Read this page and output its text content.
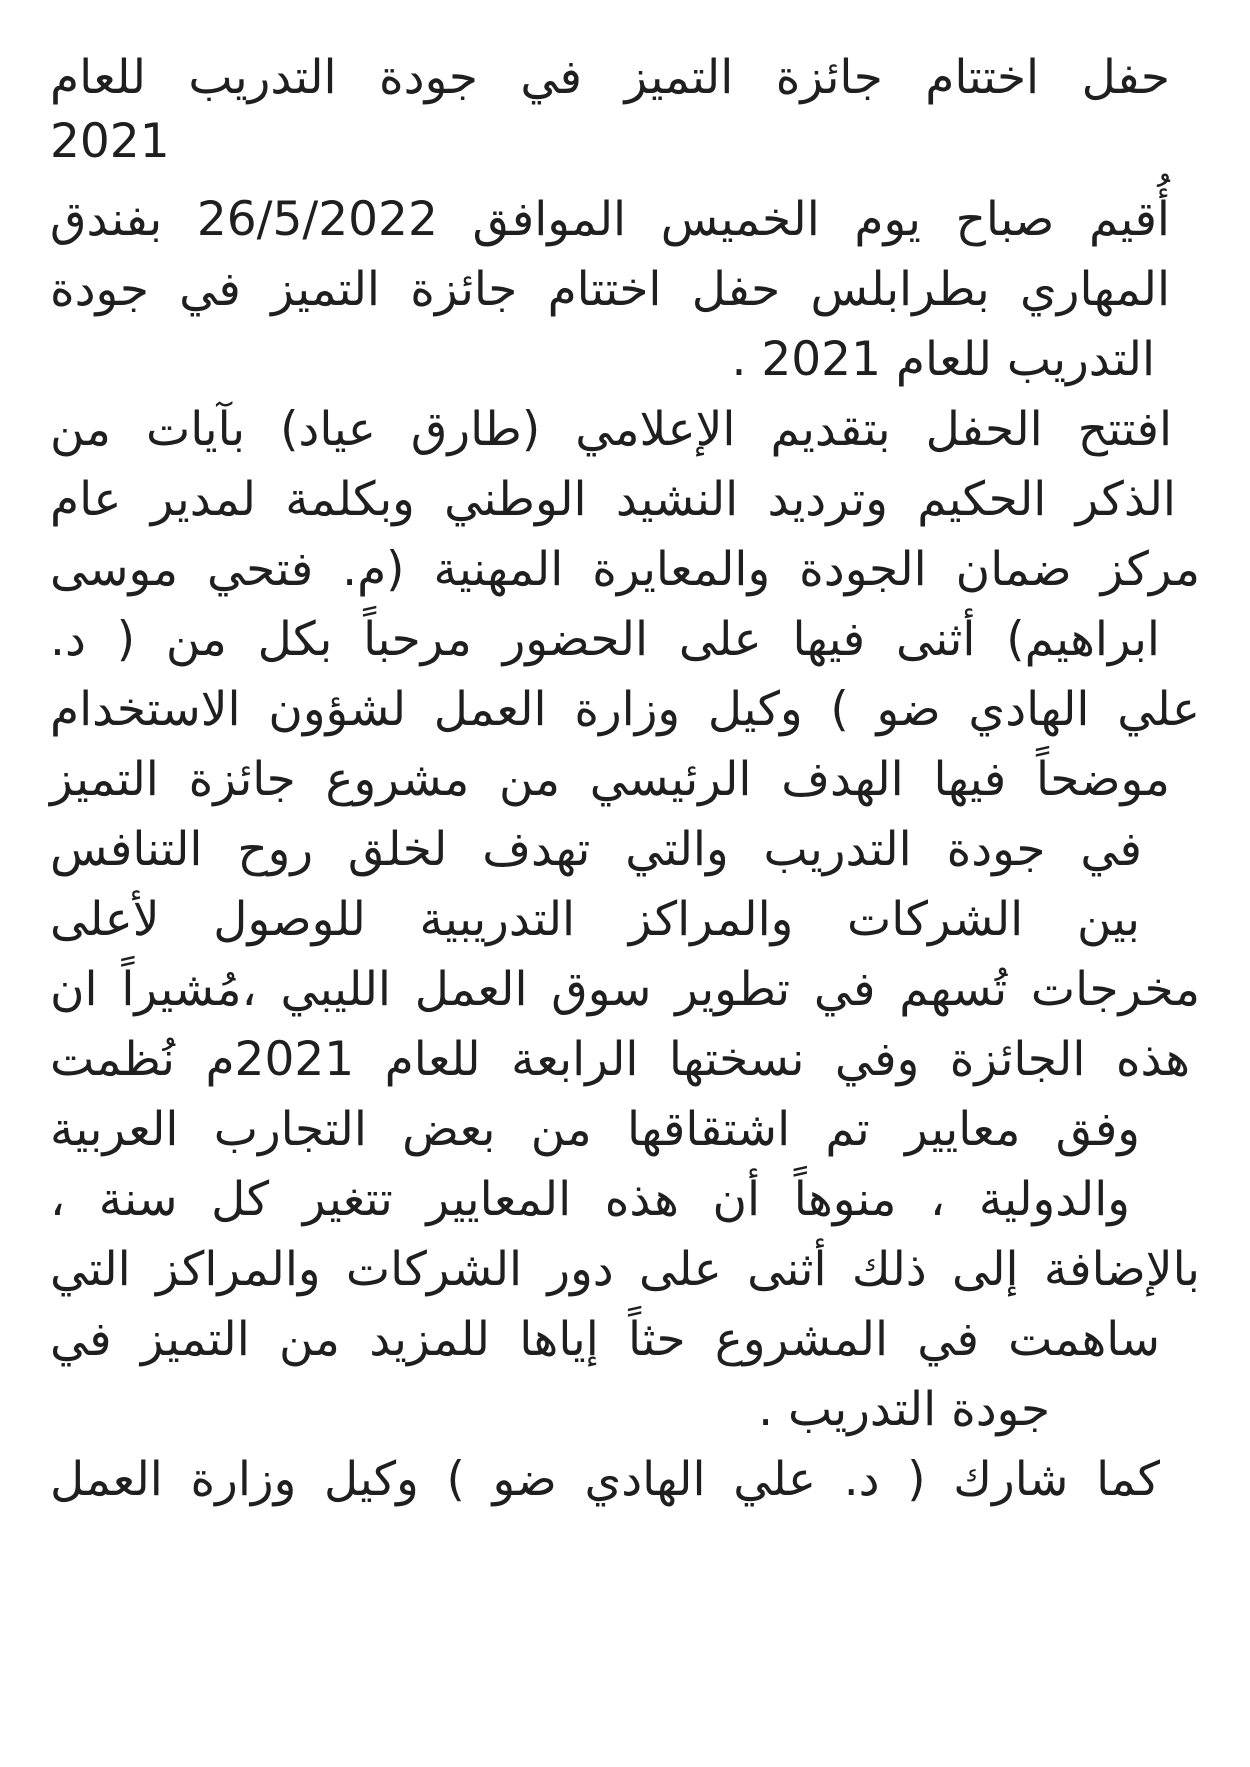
حفل اختتام جائزة التميز في جودة التدريب للعام
2021
أُقيم صباح يوم الخميس الموافق 26/5/2022 بفندق
المهاري بطرابلس حفل اختتام جائزة التميز في جودة
التدريب للعام 2021 .
افتتح الحفل بتقديم الإعلامي (طارق عياد) بآيات من
الذكر الحكيم وترديد النشيد الوطني وبكلمة لمدير عام
مركز ضمان الجودة والمعايرة المهنية (م. فتحي موسى
ابراهيم) أثنى فيها على الحضور مرحباً بكل من ( د.
علي الهادي ضو ) وكيل وزارة العمل لشؤون الاستخدام
موضحاً فيها الهدف الرئيسي من مشروع جائزة التميز
في جودة التدريب والتي تهدف لخلق روح التنافس
بين الشركات والمراكز التدريبية للوصول لأعلى
مخرجات تُسهم في تطوير سوق العمل الليبي ،مُشيراً ان
هذه الجائزة وفي نسختها الرابعة للعام 2021م نُظمت
وفق معايير تم اشتقاقها من بعض التجارب العربية
والدولية ، منوهاً أن هذه المعايير تتغير كل سنة ،
بالإضافة إلى ذلك أثنى على دور الشركات والمراكز التي
ساهمت في المشروع حثاً إياها للمزيد من التميز في
جودة التدريب .
كما شارك ( د. علي الهادي ضو ) وكيل وزارة العمل
